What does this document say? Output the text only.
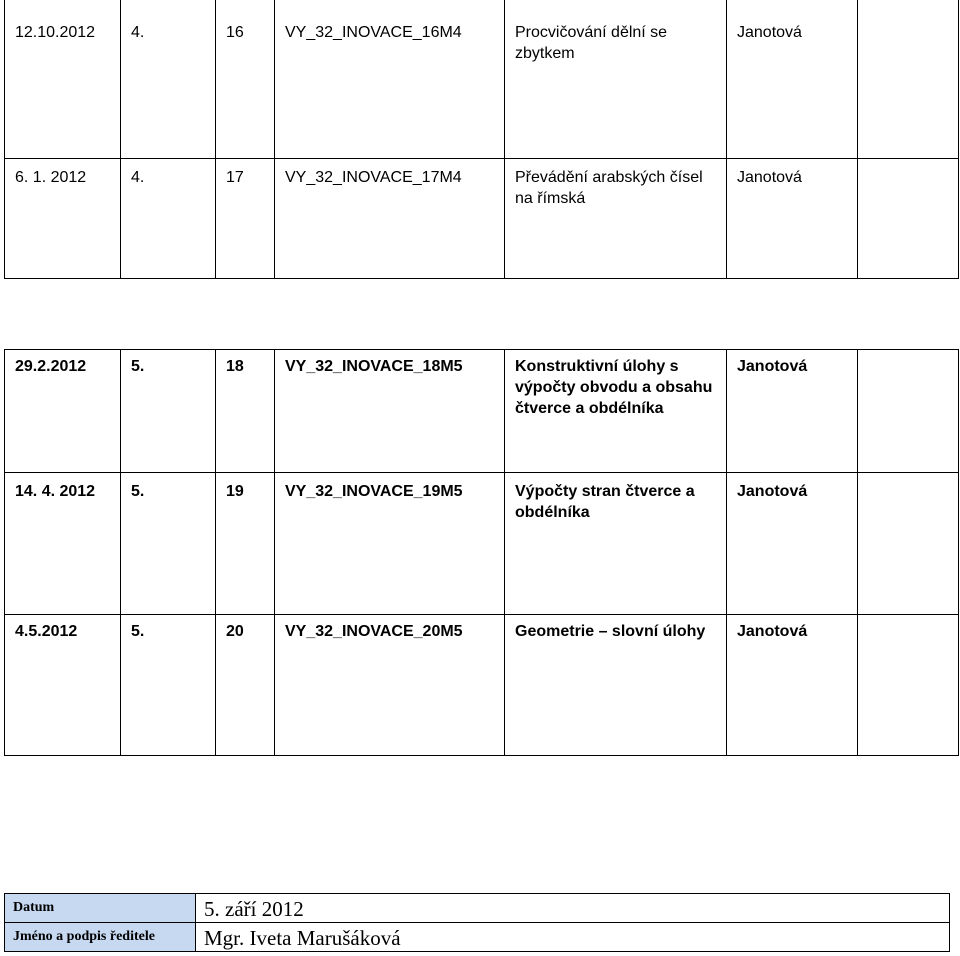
12.10.2012	4.	16	VY_32_INOVACE_16M4	Procvičování dělní se zbytkem	Janotová	
6. 1. 2012	4.	17	VY_32_INOVACE_17M4	Převádění arabských čísel na římská	Janotová	
29.2.2012	5.	18	VY_32_INOVACE_18M5	Konstruktivní úlohy s výpočty obvodu a obsahu čtverce a obdélníka	Janotová	
14. 4. 2012	5.	19	VY_32_INOVACE_19M5	Výpočty stran čtverce a obdélníka	Janotová	
4.5.2012	5.	20	VY_32_INOVACE_20M5	Geometrie – slovní úlohy	Janotová	
Datum	5. září 2012
Jméno a podpis ředitele	Mgr. Iveta Marušáková
